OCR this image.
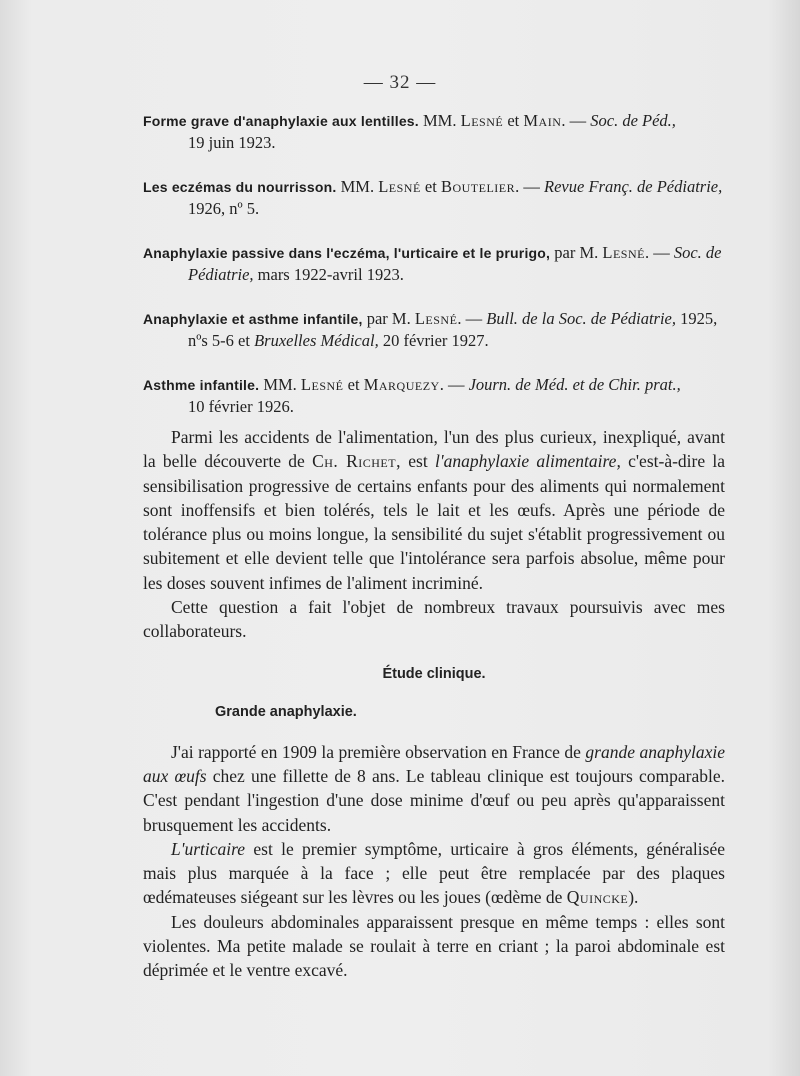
— 32 —
Forme grave d'anaphylaxie aux lentilles. MM. Lesné et Main. — Soc. de Péd.,
19 juin 1923.
Les eczémas du nourrisson. MM. Lesné et Boutelier. — Revue Franç. de Pédiatrie,
1926, nº 5.
Anaphylaxie passive dans l'eczéma, l'urticaire et le prurigo, par M. Lesné. — Soc. de
Pédiatrie, mars 1922-avril 1923.
Anaphylaxie et asthme infantile, par M. Lesné. — Bull. de la Soc. de Pédiatrie, 1925,
nºs 5-6 et Bruxelles Médical, 20 février 1927.
Asthme infantile. MM. Lesné et Marquezy. — Journ. de Méd. et de Chir. prat.,
10 février 1926.

Parmi les accidents de l'alimentation, l'un des plus curieux, inexpliqué, avant la belle découverte de Ch. Richet, est l'anaphylaxie alimentaire, c'est-à-dire la sensibilisation progressive de certains enfants pour des aliments qui normalement sont inoffensifs et bien tolérés, tels le lait et les œufs. Après une période de tolérance plus ou moins longue, la sensibilité du sujet s'établit progressivement ou subitement et elle devient telle que l'intolérance sera parfois absolue, même pour les doses souvent infimes de l'aliment incriminé.

Cette question a fait l'objet de nombreux travaux poursuivis avec mes collaborateurs.

Étude clinique.
Grande anaphylaxie.

J'ai rapporté en 1909 la première observation en France de grande anaphylaxie aux œufs chez une fillette de 8 ans. Le tableau clinique est toujours comparable. C'est pendant l'ingestion d'une dose minime d'œuf ou peu après qu'apparaissent brusquement les accidents.

L'urticaire est le premier symptôme, urticaire à gros éléments, généralisée mais plus marquée à la face ; elle peut être remplacée par des plaques œdémateuses siégeant sur les lèvres ou les joues (œdème de Quincke).

Les douleurs abdominales apparaissent presque en même temps : elles sont violentes. Ma petite malade se roulait à terre en criant ; la paroi abdominale est déprimée et le ventre excavé.
